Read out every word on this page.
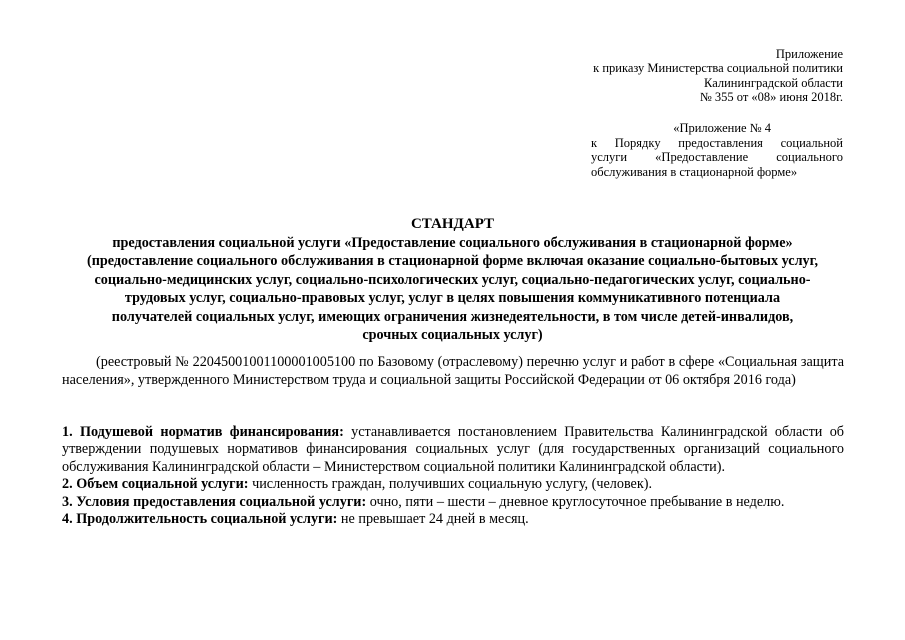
Приложение
к приказу Министерства социальной политики
Калининградской области
№ 355 от «08» июня 2018г.
«Приложение № 4
к Порядку предоставления социальной
услуги «Предоставление социального
обслуживания в стационарной форме»
СТАНДАРТ
предоставления социальной услуги «Предоставление социального обслуживания в стационарной форме»
(предоставление социального обслуживания в стационарной форме включая оказание социально-бытовых услуг,
социально-медицинских услуг, социально-психологических услуг, социально-педагогических услуг, социально-
трудовых услуг, социально-правовых услуг, услуг в целях повышения коммуникативного потенциала
получателей социальных услуг, имеющих ограничения жизнедеятельности, в том числе детей-инвалидов,
срочных социальных услуг)
(реестровый № 22045001001100001005100 по Базовому (отраслевому) перечню услуг и работ в сфере «Социальная защита населения», утвержденного Министерством труда и социальной защиты Российской Федерации от 06 октября 2016 года)

1. Подушевой норматив финансирования: устанавливается постановлением Правительства Калининградской области об утверждении подушевых нормативов финансирования социальных услуг (для государственных организаций социального обслуживания Калининградской области – Министерством социальной политики Калининградской области).

2. Объем социальной услуги: численность граждан, получивших социальную услугу, (человек).

3. Условия предоставления социальной услуги: очно, пяти – шести – дневное круглосуточное пребывание в неделю.

4. Продолжительность социальной услуги: не превышает 24 дней в месяц.
